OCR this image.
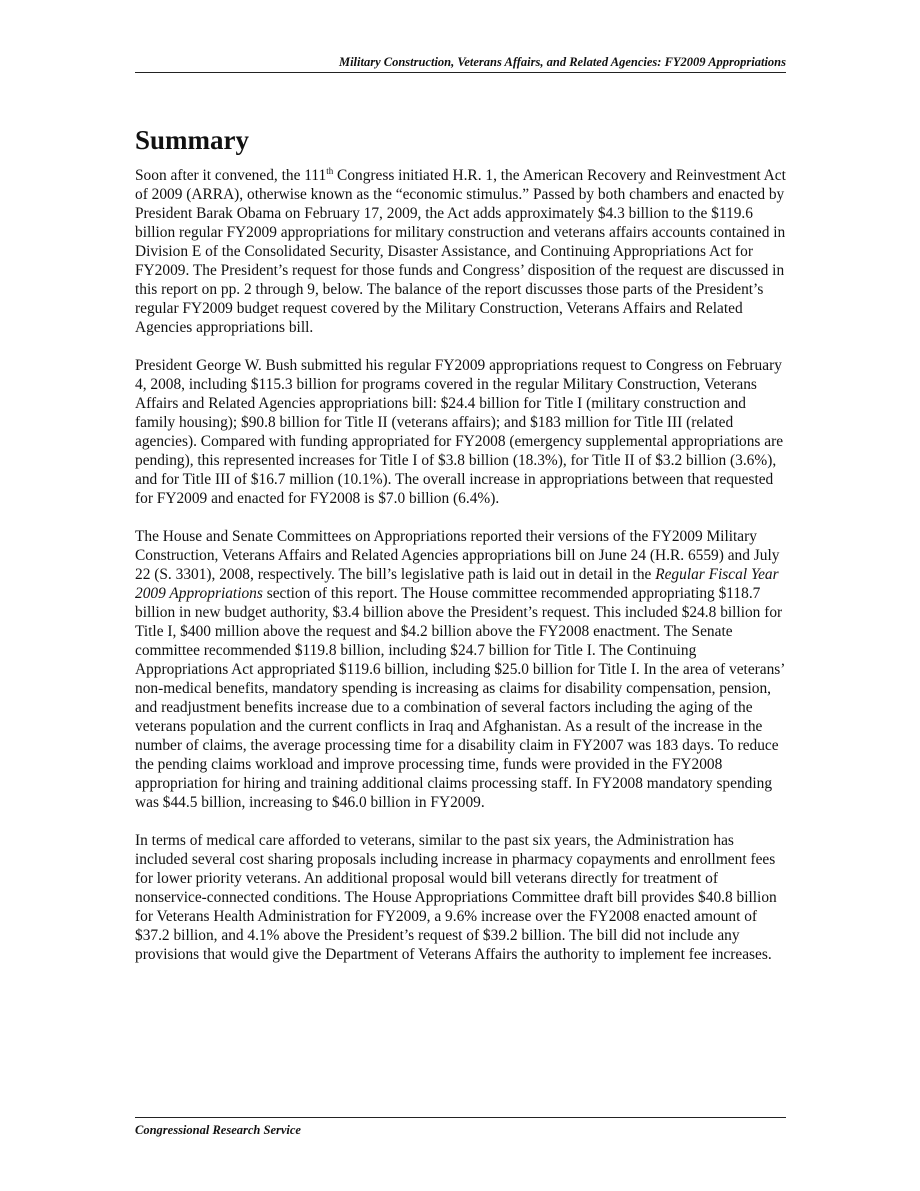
Military Construction, Veterans Affairs, and Related Agencies: FY2009 Appropriations
Summary

Soon after it convened, the 111th Congress initiated H.R. 1, the American Recovery and Reinvestment Act of 2009 (ARRA), otherwise known as the “economic stimulus.” Passed by both chambers and enacted by President Barak Obama on February 17, 2009, the Act adds approximately $4.3 billion to the $119.6 billion regular FY2009 appropriations for military construction and veterans affairs accounts contained in Division E of the Consolidated Security, Disaster Assistance, and Continuing Appropriations Act for FY2009. The President’s request for those funds and Congress’ disposition of the request are discussed in this report on pp. 2 through 9, below. The balance of the report discusses those parts of the President’s regular FY2009 budget request covered by the Military Construction, Veterans Affairs and Related Agencies appropriations bill.

President George W. Bush submitted his regular FY2009 appropriations request to Congress on February 4, 2008, including $115.3 billion for programs covered in the regular Military Construction, Veterans Affairs and Related Agencies appropriations bill: $24.4 billion for Title I (military construction and family housing); $90.8 billion for Title II (veterans affairs); and $183 million for Title III (related agencies). Compared with funding appropriated for FY2008 (emergency supplemental appropriations are pending), this represented increases for Title I of $3.8 billion (18.3%), for Title II of $3.2 billion (3.6%), and for Title III of $16.7 million (10.1%). The overall increase in appropriations between that requested for FY2009 and enacted for FY2008 is $7.0 billion (6.4%).

The House and Senate Committees on Appropriations reported their versions of the FY2009 Military Construction, Veterans Affairs and Related Agencies appropriations bill on June 24 (H.R. 6559) and July 22 (S. 3301), 2008, respectively. The bill’s legislative path is laid out in detail in the Regular Fiscal Year 2009 Appropriations section of this report. The House committee recommended appropriating $118.7 billion in new budget authority, $3.4 billion above the President’s request. This included $24.8 billion for Title I, $400 million above the request and $4.2 billion above the FY2008 enactment. The Senate committee recommended $119.8 billion, including $24.7 billion for Title I. The Continuing Appropriations Act appropriated $119.6 billion, including $25.0 billion for Title I. In the area of veterans’ non-medical benefits, mandatory spending is increasing as claims for disability compensation, pension, and readjustment benefits increase due to a combination of several factors including the aging of the veterans population and the current conflicts in Iraq and Afghanistan. As a result of the increase in the number of claims, the average processing time for a disability claim in FY2007 was 183 days. To reduce the pending claims workload and improve processing time, funds were provided in the FY2008 appropriation for hiring and training additional claims processing staff. In FY2008 mandatory spending was $44.5 billion, increasing to $46.0 billion in FY2009.

In terms of medical care afforded to veterans, similar to the past six years, the Administration has included several cost sharing proposals including increase in pharmacy copayments and enrollment fees for lower priority veterans. An additional proposal would bill veterans directly for treatment of nonservice-connected conditions. The House Appropriations Committee draft bill provides $40.8 billion for Veterans Health Administration for FY2009, a 9.6% increase over the FY2008 enacted amount of $37.2 billion, and 4.1% above the President’s request of $39.2 billion. The bill did not include any provisions that would give the Department of Veterans Affairs the authority to implement fee increases.

Congressional Research Service
